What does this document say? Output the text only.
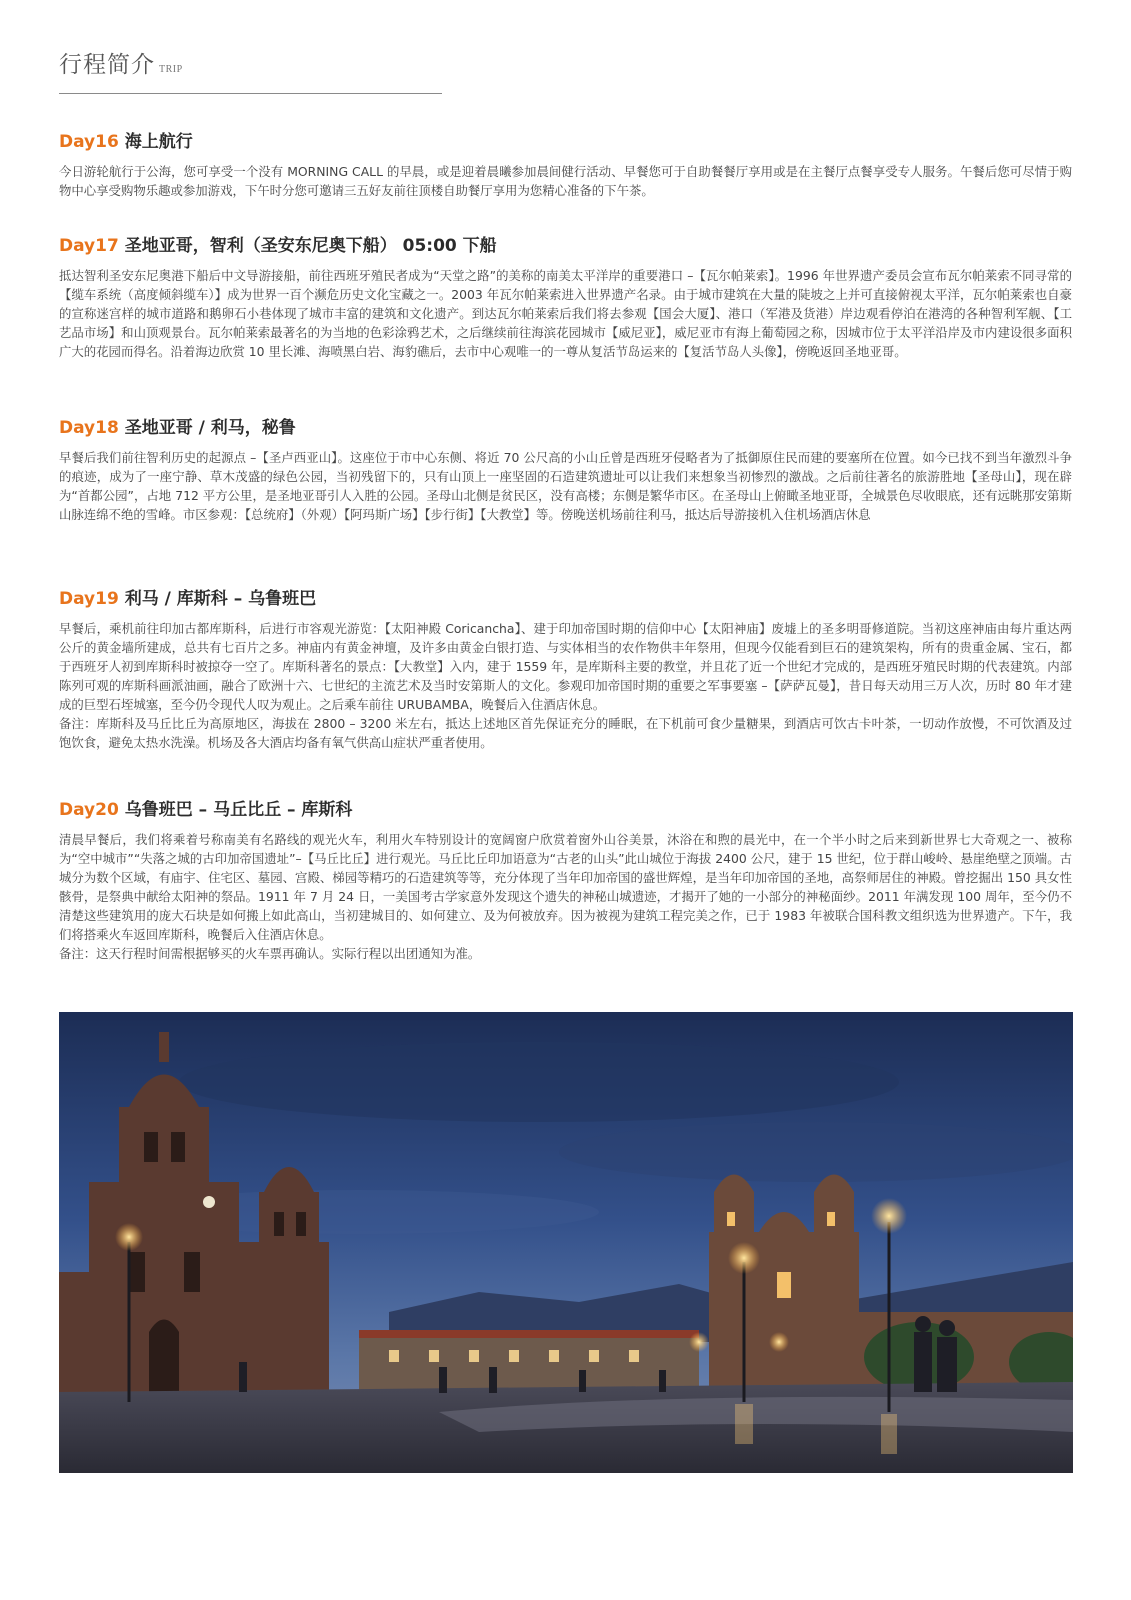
行程简介 TRIP
Day16 海上航行

今日游轮航行于公海，您可享受一个没有 MORNING CALL 的早晨，或是迎着晨曦参加晨间健行活动、早餐您可于自助餐餐厅享用或是在主餐厅点餐享受专人服务。午餐后您可尽情于购物中心享受购物乐趣或参加游戏，下午时分您可邀请三五好友前往顶楼自助餐厅享用为您精心准备的下午茶。

Day17 圣地亚哥，智利（圣安东尼奥下船） 05:00 下船

抵达智利圣安东尼奥港下船后中文导游接船，前往西班牙殖民者成为“天堂之路”的美称的南美太平洋岸的重要港口 –【瓦尔帕莱索】。1996 年世界遗产委员会宣布瓦尔帕莱索不同寻常的【缆车系统（高度倾斜缆车）】成为世界一百个濒危历史文化宝藏之一。2003 年瓦尔帕莱索进入世界遗产名录。由于城市建筑在大量的陡坡之上并可直接俯视太平洋，瓦尔帕莱索也自豪的宣称迷宫样的城市道路和鹅卵石小巷体现了城市丰富的建筑和文化遗产。到达瓦尔帕莱索后我们将去参观【国会大厦】、港口（军港及货港）岸边观看停泊在港湾的各种智利军舰、【工艺品市场】和山顶观景台。瓦尔帕莱索最著名的为当地的色彩涂鸦艺术，之后继续前往海滨花园城市【威尼亚】，威尼亚市有海上葡萄园之称，因城市位于太平洋沿岸及市内建设很多面积广大的花园而得名。沿着海边欣赏 10 里长滩、海喷黑白岩、海豹礁后，去市中心观唯一的一尊从复活节岛运来的【复活节岛人头像】，傍晚返回圣地亚哥。

Day18 圣地亚哥 / 利马，秘鲁

早餐后我们前往智利历史的起源点 –【圣卢西亚山】。这座位于市中心东侧、将近 70 公尺高的小山丘曾是西班牙侵略者为了抵御原住民而建的要塞所在位置。如今已找不到当年激烈斗争的痕迹，成为了一座宁静、草木茂盛的绿色公园，当初残留下的，只有山顶上一座坚固的石造建筑遗址可以让我们来想象当初惨烈的激战。之后前往著名的旅游胜地【圣母山】，现在辟为“首都公园”，占地 712 平方公里，是圣地亚哥引人入胜的公园。圣母山北侧是贫民区，没有高楼；东侧是繁华市区。在圣母山上俯瞰圣地亚哥，全城景色尽收眼底，还有远眺那安第斯山脉连绵不绝的雪峰。市区参观：【总统府】（外观）【阿玛斯广场】【步行街】【大教堂】等。傍晚送机场前往利马，抵达后导游接机入住机场酒店休息

Day19 利马 / 库斯科 – 乌鲁班巴

早餐后，乘机前往印加古都库斯科，后进行市容观光游览：【太阳神殿 Coricancha】、建于印加帝国时期的信仰中心【太阳神庙】废墟上的圣多明哥修道院。当初这座神庙由每片重达两公斤的黄金墙所建成，总共有七百片之多。神庙内有黄金神壇，及许多由黄金白银打造、与实体相当的农作物供丰年祭用，但现今仅能看到巨石的建筑架构，所有的贵重金属、宝石，都于西班牙人初到库斯科时被掠夺一空了。库斯科著名的景点：【大教堂】入内，建于 1559 年，是库斯科主要的教堂，并且花了近一个世纪才完成的，是西班牙殖民时期的代表建筑。内部陈列可观的库斯科画派油画，融合了欧洲十六、七世纪的主流艺术及当时安第斯人的文化。参观印加帝国时期的重要之军事要塞 –【萨萨瓦曼】，昔日每天动用三万人次，历时 80 年才建成的巨型石垤城塞，至今仍令现代人叹为观止。之后乘车前往 URUBAMBA，晚餐后入住酒店休息。

备注：库斯科及马丘比丘为高原地区，海拔在 2800 – 3200 米左右，抵达上述地区首先保证充分的睡眠，在下机前可食少量糖果，到酒店可饮古卡叶茶，一切动作放慢，不可饮酒及过饱饮食，避免太热水洗澡。机场及各大酒店均备有氧气供高山症状严重者使用。

Day20 乌鲁班巴 – 马丘比丘 – 库斯科

清晨早餐后，我们将乘着号称南美有名路线的观光火车，利用火车特别设计的宽阔窗户欣赏着窗外山谷美景，沐浴在和煦的晨光中，在一个半小时之后来到新世界七大奇观之一、被称为“空中城市”“失落之城的古印加帝国遗址”–【马丘比丘】进行观光。马丘比丘印加语意为“古老的山头”此山城位于海拔 2400 公尺，建于 15 世纪，位于群山峻岭、悬崖绝壁之顶端。古城分为数个区域，有庙宇、住宅区、墓园、宫殿、梯园等精巧的石造建筑等等，充分体现了当年印加帝国的盛世辉煌，是当年印加帝国的圣地，高祭师居住的神殿。曾挖掘出 150 具女性骸骨，是祭典中献给太阳神的祭品。1911 年 7 月 24 日，一美国考古学家意外发现这个遗失的神秘山城遗迹，才揭开了她的一小部分的神秘面纱。2011 年满发现 100 周年，至今仍不清楚这些建筑用的庞大石块是如何搬上如此高山，当初建城目的、如何建立、及为何被放弃。因为被视为建筑工程完美之作，已于 1983 年被联合国科教文组织选为世界遗产。下午，我们将搭乘火车返回库斯科，晚餐后入住酒店休息。

备注：这天行程时间需根据够买的火车票再确认。实际行程以出团通知为准。
